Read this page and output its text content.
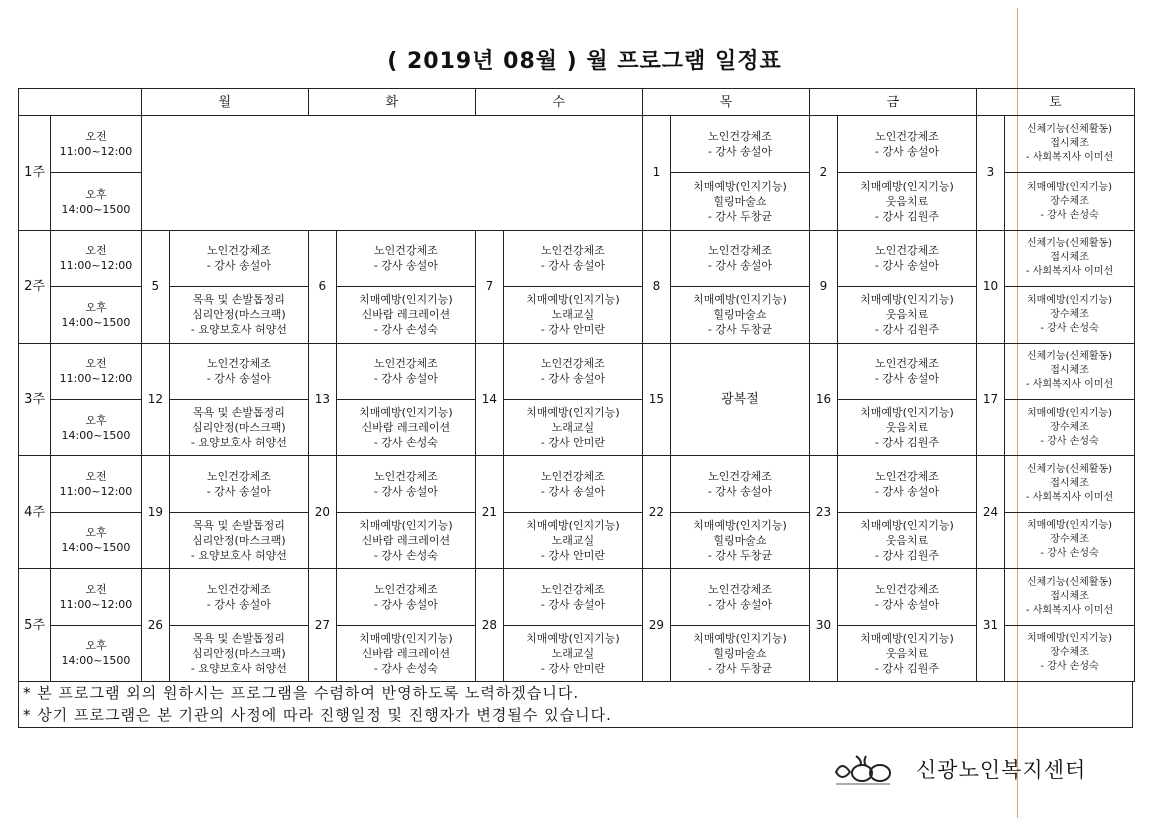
( 2019년 08월 ) 월 프로그램 일정표
		월		화		수		목		금		토	
1주	오전
11:00~12:00							1	노인건강체조
- 강사 송설아	2	노인건강체조
- 강사 송설아	3	신체기능(신체활동)
접시체조
- 사회복지사 이미선

	오후
14:00~1500								치매예방(인지기능)
힐링마술쇼
- 강사 두창균		치매예방(인지기능)
웃음치료
- 강사 김원주		치매예방(인지기능)
장수체조
- 강사 손성숙

2주	오전
11:00~12:00	5	노인건강체조
- 강사 송설아	6	노인건강체조
- 강사 송설아	7	노인건강체조
- 강사 송설아	8	노인건강체조
- 강사 송설아	9	노인건강체조
- 강사 송설아	10	신체기능(신체활동)
접시체조
- 사회복지사 이미선

	오후
14:00~1500		목욕 및 손발톱정리
심리안정(마스크팩)
- 요양보호사 허양선		치매예방(인지기능)
신바람 레크레이션
- 강사 손성숙		치매예방(인지기능)
노래교실
- 강사 안미란		치매예방(인지기능)
힐링마술쇼
- 강사 두창균		치매예방(인지기능)
웃음치료
- 강사 김원주		치매예방(인지기능)
장수체조
- 강사 손성숙

3주	오전
11:00~12:00	12	노인건강체조
- 강사 송설아	13	노인건강체조
- 강사 송설아	14	노인건강체조
- 강사 송설아	15	광복절	16	노인건강체조
- 강사 송설아	17	신체기능(신체활동)
접시체조
- 사회복지사 이미선

	오후
14:00~1500		목욕 및 손발톱정리
심리안정(마스크팩)
- 요양보호사 허양선		치매예방(인지기능)
신바람 레크레이션
- 강사 손성숙		치매예방(인지기능)
노래교실
- 강사 안미란				치매예방(인지기능)
웃음치료
- 강사 김원주		치매예방(인지기능)
장수체조
- 강사 손성숙

4주	오전
11:00~12:00	19	노인건강체조
- 강사 송설아	20	노인건강체조
- 강사 송설아	21	노인건강체조
- 강사 송설아	22	노인건강체조
- 강사 송설아	23	노인건강체조
- 강사 송설아	24	신체기능(신체활동)
접시체조
- 사회복지사 이미선

	오후
14:00~1500		목욕 및 손발톱정리
심리안정(마스크팩)
- 요양보호사 허양선		치매예방(인지기능)
신바람 레크레이션
- 강사 손성숙		치매예방(인지기능)
노래교실
- 강사 안미란		치매예방(인지기능)
힐링마술쇼
- 강사 두창균		치매예방(인지기능)
웃음치료
- 강사 김원주		치매예방(인지기능)
장수체조
- 강사 손성숙

5주	오전
11:00~12:00	26	노인건강체조
- 강사 송설아	27	노인건강체조
- 강사 송설아	28	노인건강체조
- 강사 송설아	29	노인건강체조
- 강사 송설아	30	노인건강체조
- 강사 송설아	31	신체기능(신체활동)
접시체조
- 사회복지사 이미선

	오후
14:00~1500		목욕 및 손발톱정리
심리안정(마스크팩)
- 요양보호사 허양선		치매예방(인지기능)
신바람 레크레이션
- 강사 손성숙		치매예방(인지기능)
노래교실
- 강사 안미란		치매예방(인지기능)
힐링마술쇼
- 강사 두창균		치매예방(인지기능)
웃음치료
- 강사 김원주		치매예방(인지기능)
장수체조
- 강사 손성숙
* 본 프로그램 외의 원하시는 프로그램을 수렴하여 반영하도록 노력하겠습니다.
* 상기 프로그램은 본 기관의 사정에 따라 진행일정 및 진행자가 변경될수 있습니다.
신광노인복지센터
